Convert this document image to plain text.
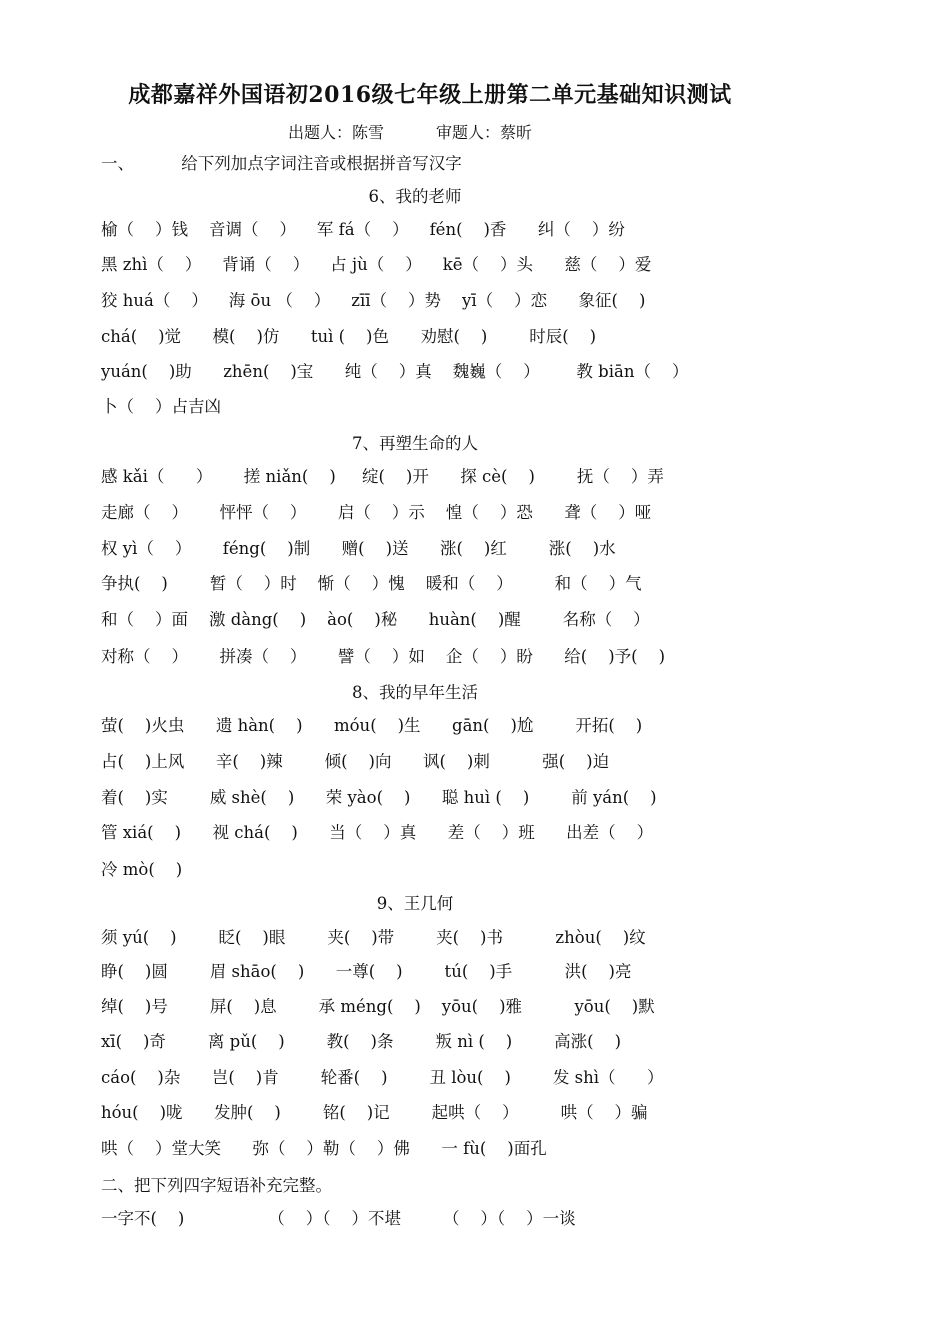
成都嘉祥外国语初2016级七年级上册第二单元基础知识测试
出题人：陈雪	审题人：蔡昕
一、	给下列加点字词注音或根据拼音写汉字
6、我的老师
榆（    ）钱    音调（    ）    军 fá（    ）    fén(    )香      纠（    ）纷
黑 zhì（    ）    背诵（    ）    占 jù（    ）    kē（    ）头      慈（    ）爱
狡 huá（    ）    海 ōu （    ）    zīī（    ）势    yī（    ）恋      象征(    )
chá(    )觉      模(    )仿      tuì (    )色      劝慰(    )        时辰(    )
yuán(    )助      zhēn(    )宝      纯（    ）真    魏巍（    ）       教 biān（    ）
卜（    ）占吉凶
7、再塑生命的人
感 kǎi（      ）      搓 niǎn(    )     绽(    )开      探 cè(    )        抚（    ）弄
走廊（    ）      怦怦（    ）      启（    ）示    惶（    ）恐      聋（    ）哑
权 yì（    ）      féng(    )制      赠(    )送      涨(    )红        涨(    )水
争执(    )        暂（    ）时    惭（    ）愧    暖和（    ）        和（    ）气
和（    ）面    激 dàng(    )    ào(    )秘      huàn(    )醒        名称（    ）
对称（    ）      拼凑（    ）      譬（    ）如    企（    ）盼      给(    )予(    )
8、我的早年生活
萤(    )火虫      遗 hàn(    )      móu(    )生      gān(    )尬        开拓(    )
占(    )上风      辛(    )辣        倾(    )向      讽(    )刺          强(    )迫
着(    )实        威 shè(    )      荣 yào(    )      聪 huì (    )        前 yán(    )
管 xiá(    )      视 chá(    )      当（    ）真      差（    ）班      出差（    ）
冷 mò(    )
9、王几何
须 yú(    )        眨(    )眼        夹(    )带        夹(    )书          zhòu(    )纹
睁(    )圆        眉 shāo(    )      一尊(    )        tú(    )手          洪(    )亮
绰(    )号        屏(    )息        承 méng(    )    yōu(    )雅          yōu(    )默
xī(    )奇        离 pǔ(    )        教(    )条        叛 nì (    )        高涨(    )
cáo(    )杂      岂(    )肯        轮番(    )        丑 lòu(    )        发 shì（      ）
hóu(    )咙      发肿(    )        铭(    )记        起哄（    ）        哄（    ）骗
哄（    ）堂大笑      弥（    ）勒（    ）佛      一 fù(    )面孔
二、把下列四字短语补充完整。
一字不(    )                （    ）（    ）不堪        （    ）（    ）一谈
